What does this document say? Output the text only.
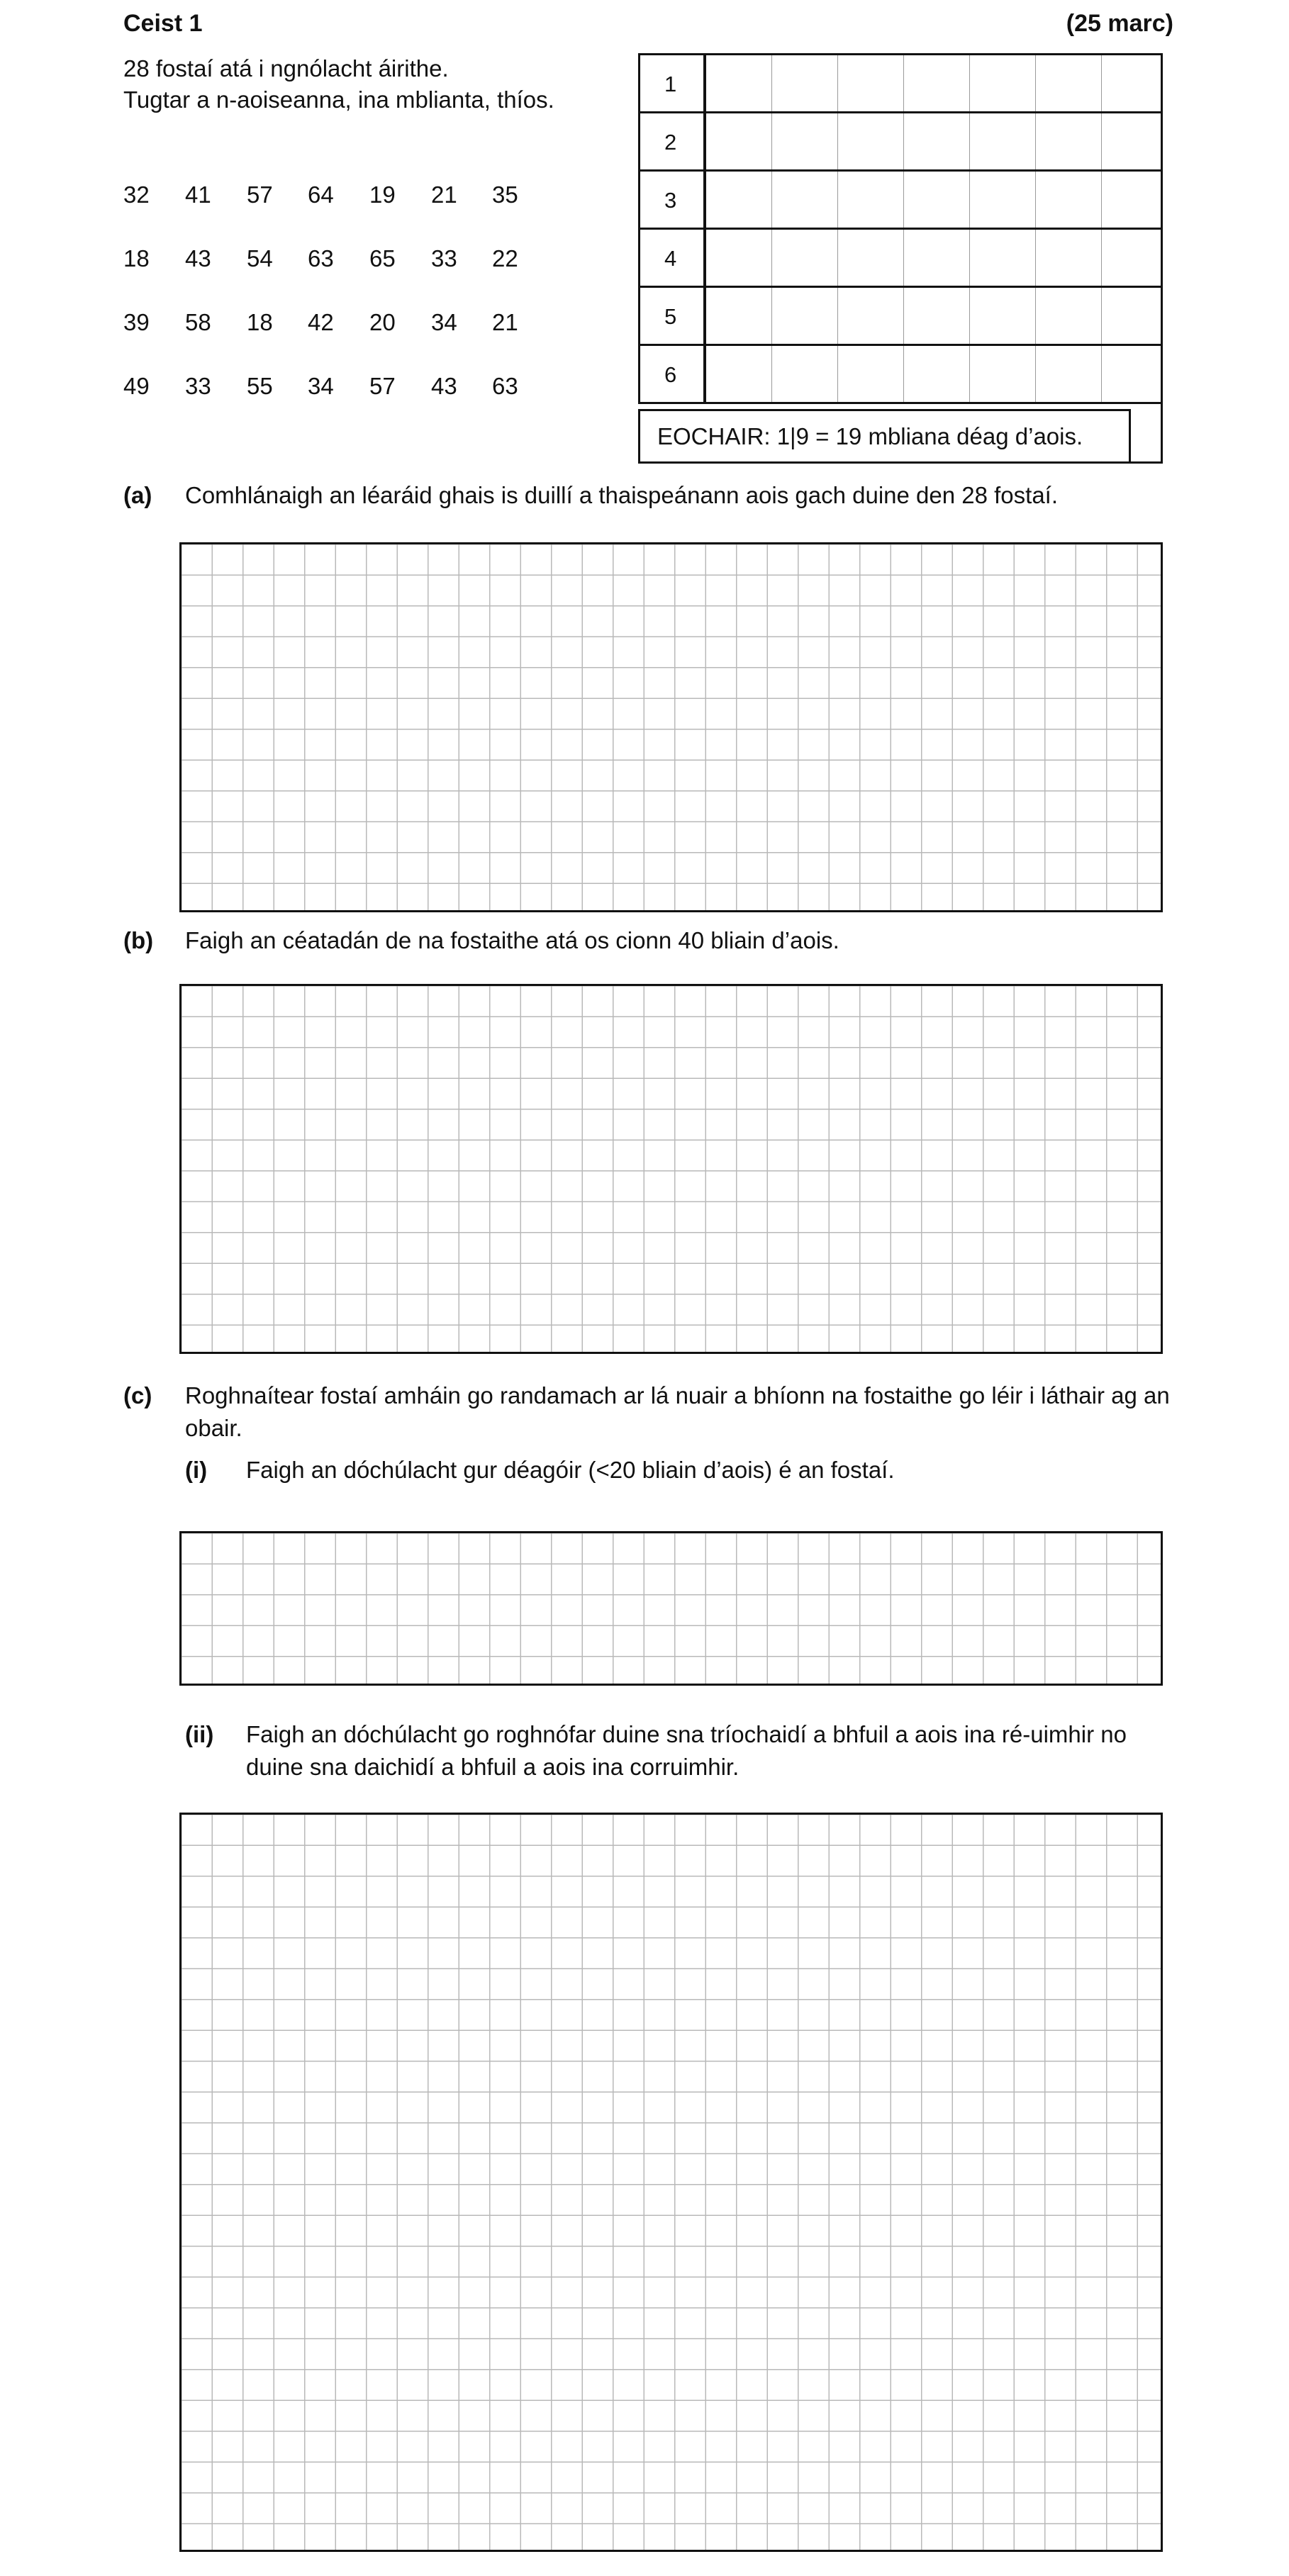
Ceist 1	(25 marc)
28 fostaí atá i ngnólacht áirithe.
Tugtar a n-aoiseanna, ina mblianta, thíos.
32	41	57	64	19	21	35
18	43	54	63	65	33	22
39	58	18	42	20	34	21
49	33	55	34	57	43	63
1
2
3
4
5
6
EOCHAIR: 1|9 = 19 mbliana déag d’aois.
(a) Comhlánaigh an léaráid ghais is duillí a thaispeánann aois gach duine den 28 fostaí.
(b) Faigh an céatadán de na fostaithe atá os cionn 40 bliain d’aois.
(c) Roghnaítear fostaí amháin go randamach ar lá nuair a bhíonn na fostaithe go léir i láthair ag an obair.
(i) Faigh an dóchúlacht gur déagóir (<20 bliain d’aois) é an fostaí.
(ii) Faigh an dóchúlacht go roghnófar duine sna tríochaidí a bhfuil a aois ina ré-uimhir no duine sna daichidí a bhfuil a aois ina corruimhir.
